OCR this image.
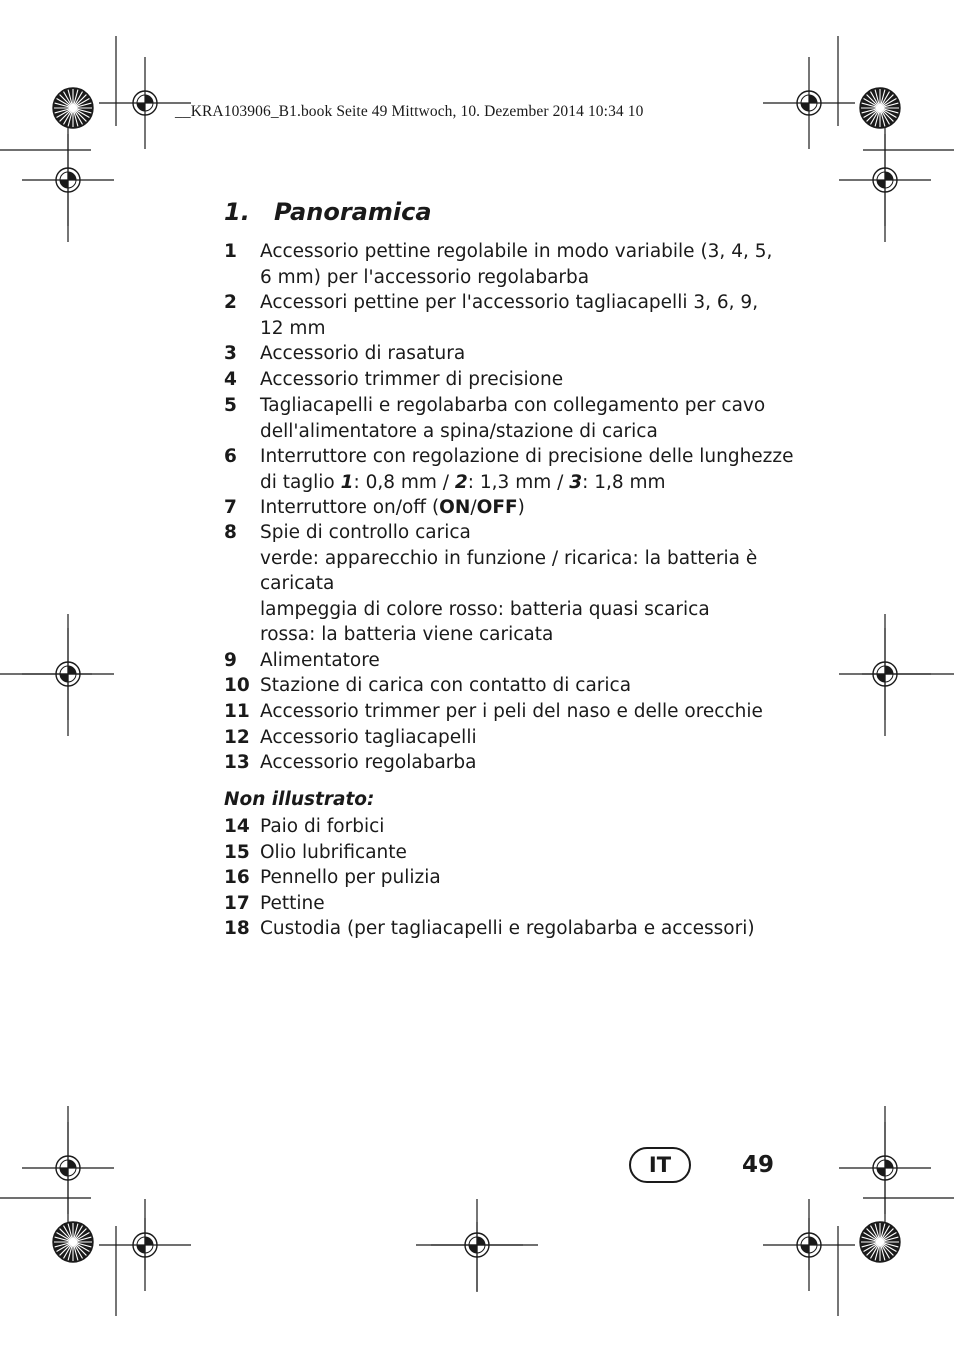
__KRA103906_B1.book Seite 49 Mittwoch, 10. Dezember 2014 10:34 10
1. Panoramica
1 Accessorio pettine regolabile in modo variabile (3, 4, 5,
6 mm) per l'accessorio regolabarba
2 Accessori pettine per l'accessorio tagliacapelli 3, 6, 9,
12 mm
3 Accessorio di rasatura
4 Accessorio trimmer di precisione
5 Tagliacapelli e regolabarba con collegamento per cavo
dell'alimentatore a spina/stazione di carica
6 Interruttore con regolazione di precisione delle lunghezze
di taglio 1: 0,8 mm / 2: 1,3 mm / 3: 1,8 mm
7 Interruttore on/off (ON/OFF)
8 Spie di controllo carica
verde: apparecchio in funzione / ricarica: la batteria è
caricata
lampeggia di colore rosso: batteria quasi scarica
rossa: la batteria viene caricata
9 Alimentatore
10 Stazione di carica con contatto di carica
11 Accessorio trimmer per i peli del naso e delle orecchie
12 Accessorio tagliacapelli
13 Accessorio regolabarba
Non illustrato:
14 Paio di forbici
15 Olio lubrificante
16 Pennello per pulizia
17 Pettine
18 Custodia (per tagliacapelli e regolabarba e accessori)
IT	49
